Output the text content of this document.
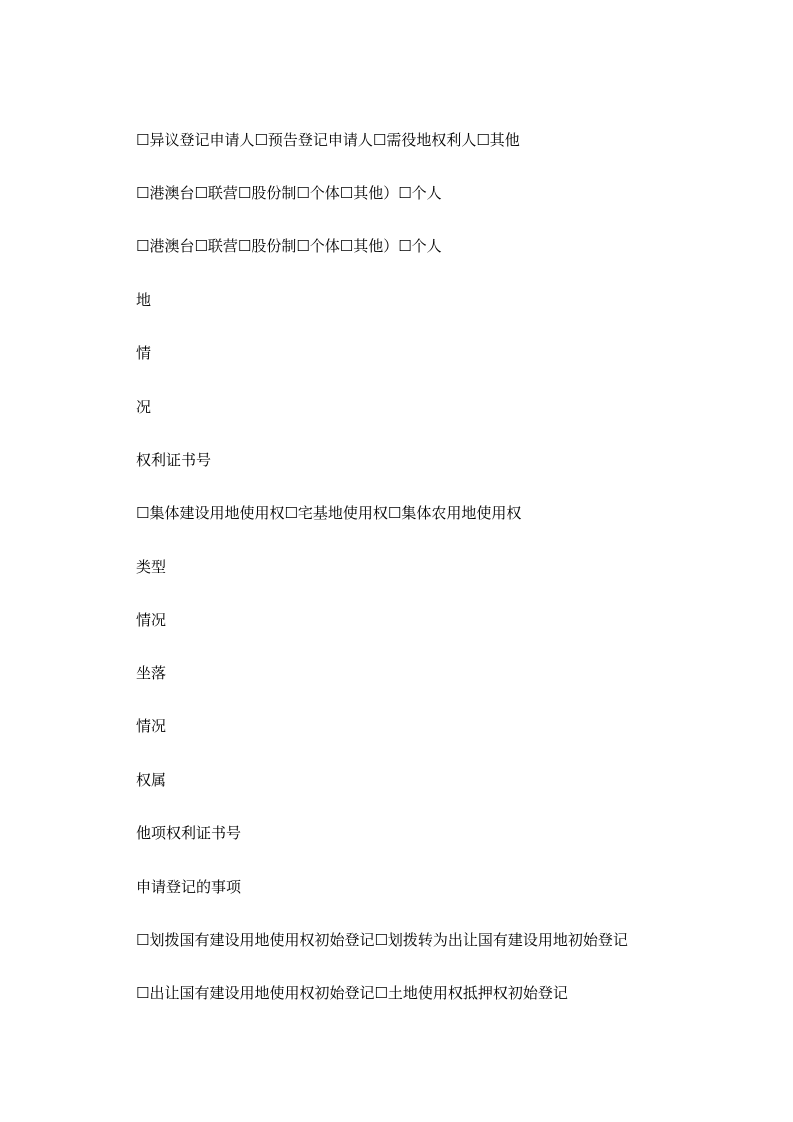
☐异议登记申请人☐预告登记申请人☐需役地权利人☐其他
☐港澳台☐联营☐股份制☐个体☐其他）☐个人
☐港澳台☐联营☐股份制☐个体☐其他）☐个人
地
情
况
权利证书号
☐集体建设用地使用权☐宅基地使用权☐集体农用地使用权
类型
情况
坐落
情况
权属
他项权利证书号
申请登记的事项
☐划拨国有建设用地使用权初始登记☐划拨转为出让国有建设用地初始登记
☐出让国有建设用地使用权初始登记☐土地使用权抵押权初始登记
